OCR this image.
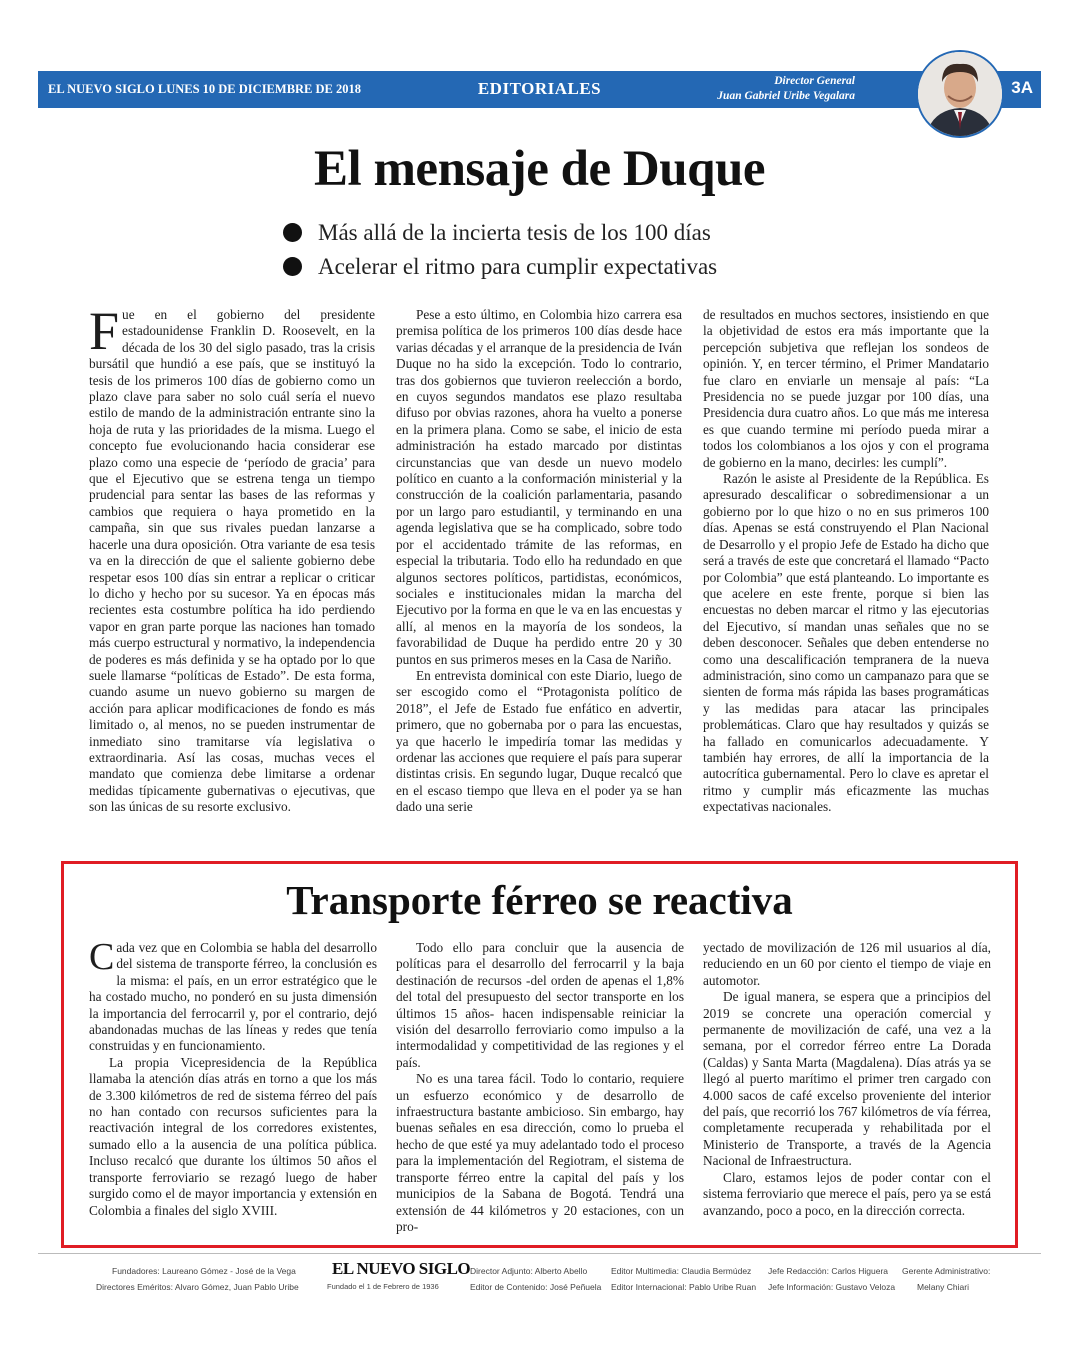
EL NUEVO SIGLO LUNES 10 DE DICIEMBRE DE 2018	EDITORIALES	Director General
Juan Gabriel Uribe Vegalara	3A
El mensaje de Duque
Más allá de la incierta tesis de los 100 días
Acelerar el ritmo para cumplir expectativas

Fue en el gobierno del presidente estadounidense Franklin D. Roosevelt, en la década de los 30 del siglo pasado, tras la crisis bursátil que hundió a ese país, que se instituyó la tesis de los primeros 100 días de gobierno como un plazo clave para saber no solo cuál sería el nuevo estilo de mando de la administración entrante sino la hoja de ruta y las prioridades de la misma. Luego el concepto fue evolucionando hacia considerar ese plazo como una especie de ‘período de gracia’ para que el Ejecutivo que se estrena tenga un tiempo prudencial para sentar las bases de las reformas y cambios que requiera o haya prometido en la campaña, sin que sus rivales puedan lanzarse a hacerle una dura oposición. Otra variante de esa tesis va en la dirección de que el saliente gobierno debe respetar esos 100 días sin entrar a replicar o criticar lo dicho y hecho por su sucesor. Ya en épocas más recientes esta costumbre política ha ido perdiendo vapor en gran parte porque las naciones han tomado más cuerpo estructural y normativo, la independencia de poderes es más definida y se ha optado por lo que suele llamarse “políticas de Estado”. De esta forma, cuando asume un nuevo gobierno su margen de acción para aplicar modificaciones de fondo es más limitado o, al menos, no se pueden instrumentar de inmediato sino tramitarse vía legislativa o extraordinaria. Así las cosas, muchas veces el mandato que comienza debe limitarse a ordenar medidas típicamente gubernativas o ejecutivas, que son las únicas de su resorte exclusivo.

Pese a esto último, en Colombia hizo carrera esa premisa política de los primeros 100 días desde hace varias décadas y el arranque de la presidencia de Iván Duque no ha sido la excepción. Todo lo contrario, tras dos gobiernos que tuvieron reelección a bordo, en cuyos segundos mandatos ese plazo resultaba difuso por obvias razones, ahora ha vuelto a ponerse en la primera plana. Como se sabe, el inicio de esta administración ha estado marcado por distintas circunstancias que van desde un nuevo modelo político en cuanto a la conformación ministerial y la construcción de la coalición parlamentaria, pasando por un largo paro estudiantil, y terminando en una agenda legislativa que se ha complicado, sobre todo por el accidentado trámite de las reformas, en especial la tributaria. Todo ello ha redundado en que algunos sectores políticos, partidistas, económicos, sociales e institucionales midan la marcha del Ejecutivo por la forma en que le va en las encuestas y allí, al menos en la mayoría de los sondeos, la favorabilidad de Duque ha perdido entre 20 y 30 puntos en sus primeros meses en la Casa de Nariño.

En entrevista dominical con este Diario, luego de ser escogido como el “Protagonista político de 2018”, el Jefe de Estado fue enfático en advertir, primero, que no gobernaba por o para las encuestas, ya que hacerlo le impediría tomar las medidas y ordenar las acciones que requiere el país para superar distintas crisis. En segundo lugar, Duque recalcó que en el escaso tiempo que lleva en el poder ya se han dado una serie

de resultados en muchos sectores, insistiendo en que la objetividad de estos era más importante que la percepción subjetiva que reflejan los sondeos de opinión. Y, en tercer término, el Primer Mandatario fue claro en enviarle un mensaje al país: “La Presidencia no se puede juzgar por 100 días, una Presidencia dura cuatro años. Lo que más me interesa es que cuando termine mi período pueda mirar a todos los colombianos a los ojos y con el programa de gobierno en la mano, decirles: les cumplí”.

Razón le asiste al Presidente de la República. Es apresurado descalificar o sobredimensionar a un gobierno por lo que hizo o no en sus primeros 100 días. Apenas se está construyendo el Plan Nacional de Desarrollo y el propio Jefe de Estado ha dicho que será a través de este que concretará el llamado “Pacto por Colombia” que está planteando. Lo importante es que acelere en este frente, porque si bien las encuestas no deben marcar el ritmo y las ejecutorias del Ejecutivo, sí mandan unas señales que no se deben desconocer. Señales que deben entenderse no como una descalificación tempranera de la nueva administración, sino como un campanazo para que se sienten de forma más rápida las bases programáticas y las medidas para atacar las principales problemáticas. Claro que hay resultados y quizás se ha fallado en comunicarlos adecuadamente. Y también hay errores, de allí la importancia de la autocrítica gubernamental. Pero lo clave es apretar el ritmo y cumplir más eficazmente las muchas expectativas nacionales.

Transporte férreo se reactiva

Cada vez que en Colombia se habla del desarrollo del sistema de transporte férreo, la conclusión es la misma: el país, en un error estratégico que le ha costado mucho, no ponderó en su justa dimensión la importancia del ferrocarril y, por el contrario, dejó abandonadas muchas de las líneas y redes que tenía construidas y en funcionamiento.

La propia Vicepresidencia de la República llamaba la atención días atrás en torno a que los más de 3.300 kilómetros de red de sistema férreo del país no han contado con recursos suficientes para la reactivación integral de los corredores existentes, sumado ello a la ausencia de una política pública. Incluso recalcó que durante los últimos 50 años el transporte ferroviario se rezagó luego de haber surgido como el de mayor importancia y extensión en Colombia a finales del siglo XVIII.

Todo ello para concluir que la ausencia de políticas para el desarrollo del ferrocarril y la baja destinación de recursos -del orden de apenas el 1,8% del total del presupuesto del sector transporte en los últimos 15 años- hacen indispensable reiniciar la visión del desarrollo ferroviario como impulso a la intermodalidad y competitividad de las regiones y el país.

No es una tarea fácil. Todo lo contario, requiere un esfuerzo económico y de desarrollo de infraestructura bastante ambicioso. Sin embargo, hay buenas señales en esa dirección, como lo prueba el hecho de que esté ya muy adelantado todo el proceso para la implementación del Regiotram, el sistema de transporte férreo entre la capital del país y los municipios de la Sabana de Bogotá. Tendrá una extensión de 44 kilómetros y 20 estaciones, con un pro-

yectado de movilización de 126 mil usuarios al día, reduciendo en un 60 por ciento el tiempo de viaje en automotor.

De igual manera, se espera que a principios del 2019 se concrete una operación comercial y permanente de movilización de café, una vez a la semana, por el corredor férreo entre La Dorada (Caldas) y Santa Marta (Magdalena). Días atrás ya se llegó al puerto marítimo el primer tren cargado con 4.000 sacos de café excelso proveniente del interior del país, que recorrió los 767 kilómetros de vía férrea, completamente recuperada y rehabilitada por el Ministerio de Transporte, a través de la Agencia Nacional de Infraestructura.

Claro, estamos lejos de poder contar con el sistema ferroviario que merece el país, pero ya se está avanzando, poco a poco, en la dirección correcta.

Fundadores: Laureano Gómez - José de la Vega
Directores Eméritos: Alvaro Gómez, Juan Pablo Uribe
EL NUEVO SIGLO
Fundado el 1 de Febrero de 1936
Director Adjunto: Alberto Abello
Editor de Contenido: José Peñuela
Editor Multimedia: Claudia Bermúdez
Editor Internacional: Pablo Uribe Ruan
Jefe Redacción: Carlos Higuera
Jefe Información: Gustavo Veloza
Gerente Administrativo:
Melany Chiari
